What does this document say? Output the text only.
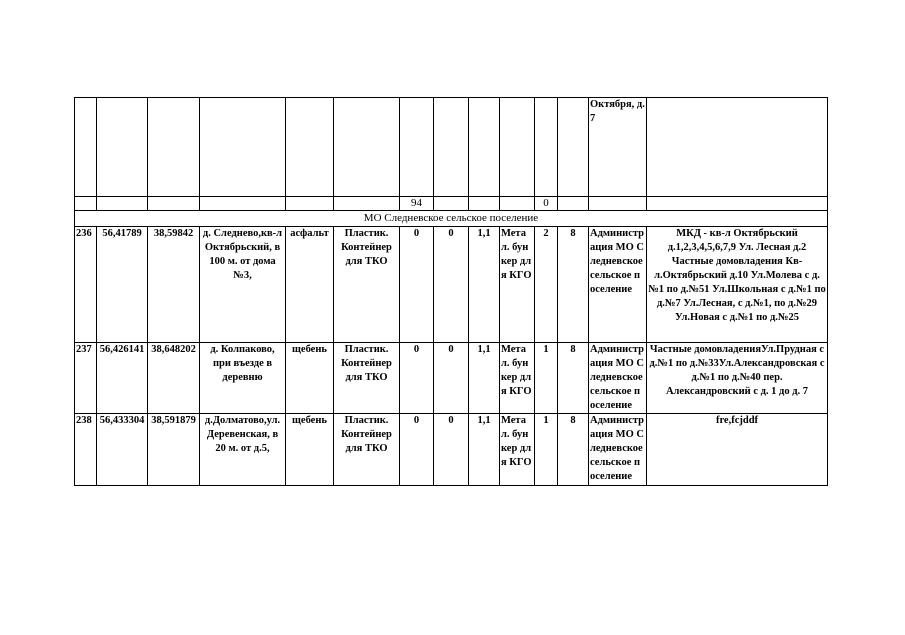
												Октября, д. 7	
						94				0			
МО Следневское сельское поселение													
236	56,41789	38,59842	д. Следнево,кв-л Октябрьский, в 100 м. от дома №3,	асфальт	Пластик. Контейнер для ТКО	0	0	1,1	Метал. бункер для КГО	2	8	Администрация МО Следневское сельское поселение	МКД - кв-л Октябрьский д.1,2,3,4,5,6,7,9 Ул. Лесная д.2 Частные домовладения Кв-л.Октябрьский д.10 Ул.Молева с д.№1 по д.№51 Ул.Школьная с д.№1 по д.№7 Ул.Лесная, с д.№1, по д.№29 Ул.Новая с д.№1 по д.№25
237	56,426141	38,648202	д. Колпаково, при въезде в деревню	щебень	Пластик. Контейнер для ТКО	0	0	1,1	Метал. бункер для КГО	1	8	Администрация МО Следневское сельское поселение	Частные домовладенияУл.Прудная с д.№1 по д.№33Ул.Александровская с д.№1 по д.№40 пер. Александровский с д. 1 до д. 7
238	56,433304	38,591879	д.Долматово,ул. Деревенская, в 20 м. от д.5,	щебень	Пластик. Контейнер для ТКО	0	0	1,1	Метал. бункер для КГО	1	8	Администрация МО Следневское сельское поселение	fre,fcjddf
